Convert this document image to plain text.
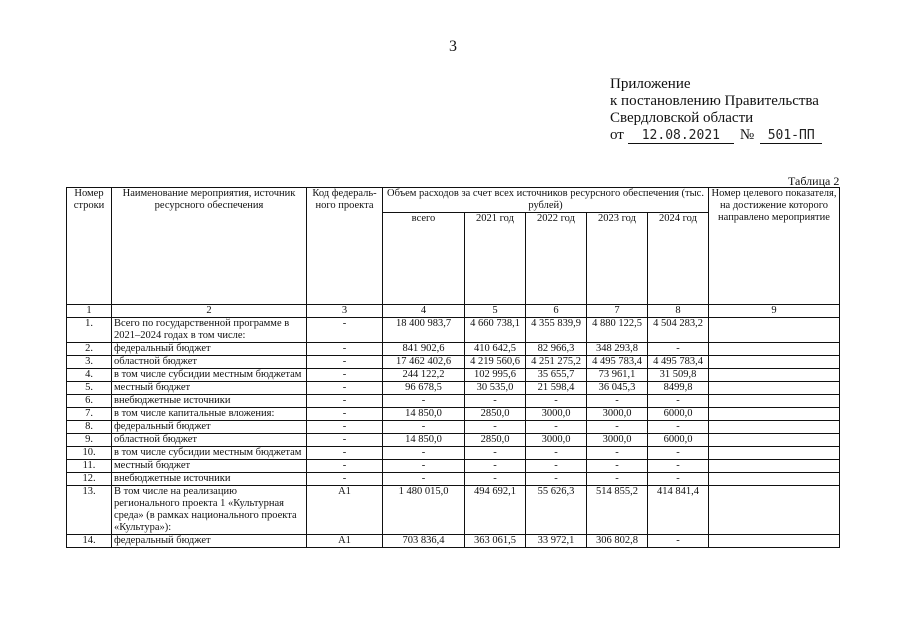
3
Приложение
к постановлению Правительства
Свердловской области
от	12.08.2021	№	501-ПП
Таблица 2
Номер строки	Наименование мероприятия, источник ресурсного обеспечения	Код федераль-ного проекта	Объем расходов за счет всех источников ресурсного обеспечения (тыс. рублей)					Номер целевого показателя, на достижение которого направлено мероприятие
			всего	2021 год	2022 год	2023 год	2024 год	
1	2	3	4	5	6	7	8	9
1.	Всего по государственной программе в 2021–2024 годах в том числе:	-	18 400 983,7	4 660 738,1	4 355 839,9	4 880 122,5	4 504 283,2	
2.	федеральный бюджет	-	841 902,6	410 642,5	82 966,3	348 293,8	-	
3.	областной бюджет	-	17 462 402,6	4 219 560,6	4 251 275,2	4 495 783,4	4 495 783,4	
4.	в том числе субсидии местным бюджетам	-	244 122,2	102 995,6	35 655,7	73 961,1	31 509,8	
5.	местный бюджет	-	96 678,5	30 535,0	21 598,4	36 045,3	8499,8	
6.	внебюджетные источники	-	-	-	-	-	-	
7.	в том числе капитальные вложения:	-	14 850,0	2850,0	3000,0	3000,0	6000,0	
8.	федеральный бюджет	-	-	-	-	-	-	
9.	областной бюджет	-	14 850,0	2850,0	3000,0	3000,0	6000,0	
10.	в том числе субсидии местным бюджетам	-	-	-	-	-	-	
11.	местный бюджет	-	-	-	-	-	-	
12.	внебюджетные источники	-	-	-	-	-	-	
13.	В том числе на реализацию регионального проекта 1 «Культурная среда» (в рамках национального проекта «Культура»):	А1	1 480 015,0	494 692,1	55 626,3	514 855,2	414 841,4	
14.	федеральный бюджет	А1	703 836,4	363 061,5	33 972,1	306 802,8	-	
